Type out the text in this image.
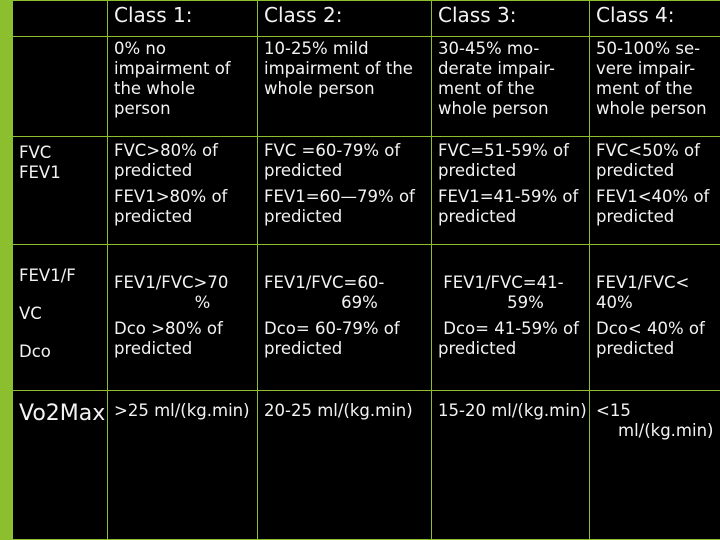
	Class 1:	Class 2:	Class 3:	Class 4:

	0% no
impairment of
the whole
person	10-25% mild
impairment of the
whole person	30-45% mo-
derate impair-
ment of the
whole person	50-100% se-
vere impair-
ment of the
whole person

FVC
FEV1	FVC>80% of
predicted
FEV1>80% of
predicted	FVC =60-79% of
predicted
FEV1=60—79% of
predicted	FVC=51-59% of
predicted
FEV1=41-59% of
predicted	FVC<50% of
predicted
FEV1<40% of
predicted

FEV1/F
VC
Dco	FEV1/FVC>70
%
Dco >80% of
predicted	FEV1/FVC=60-
69%
Dco= 60-79% of
predicted	FEV1/FVC=41-
59%
Dco= 41-59% of
predicted	FEV1/FVC<
40%
Dco< 40% of
predicted

Vo2Max	>25 ml/(kg.min)	20-25 ml/(kg.min)	15-20 ml/(kg.min)	<15
ml/(kg.min)
